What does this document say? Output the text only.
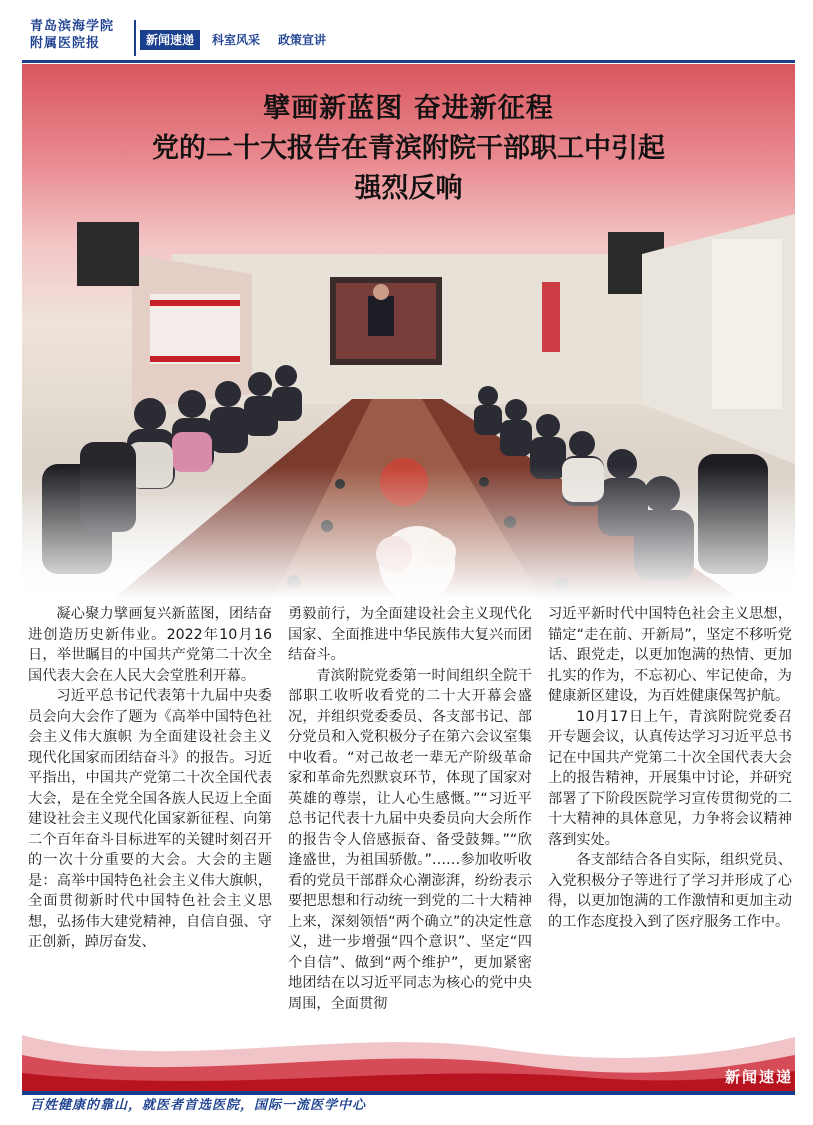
青岛滨海学院
附属医院报	新闻速递	科室风采	政策宣讲
擘画新蓝图 奋进新征程
党的二十大报告在青滨附院干部职工中引起
强烈反响

凝心聚力擘画复兴新蓝图，团结奋进创造历史新伟业。2022年10月16日，举世瞩目的中国共产党第二十次全国代表大会在人民大会堂胜利开幕。

习近平总书记代表第十九届中央委员会向大会作了题为《高举中国特色社会主义伟大旗帜 为全面建设社会主义现代化国家而团结奋斗》的报告。习近平指出，中国共产党第二十次全国代表大会，是在全党全国各族人民迈上全面建设社会主义现代化国家新征程、向第二个百年奋斗目标进军的关键时刻召开的一次十分重要的大会。大会的主题是：高举中国特色社会主义伟大旗帜，全面贯彻新时代中国特色社会主义思想，弘扬伟大建党精神，自信自强、守正创新，踔厉奋发、

勇毅前行，为全面建设社会主义现代化国家、全面推进中华民族伟大复兴而团结奋斗。

青滨附院党委第一时间组织全院干部职工收听收看党的二十大开幕会盛况，并组织党委委员、各支部书记、部分党员和入党积极分子在第六会议室集中收看。“对己故老一辈无产阶级革命家和革命先烈默哀环节，体现了国家对英雄的尊崇，让人心生感慨。”“习近平总书记代表十九届中央委员向大会所作的报告令人倍感振奋、备受鼓舞。”“欣逢盛世，为祖国骄傲。”……参加收听收看的党员干部群众心潮澎湃，纷纷表示要把思想和行动统一到党的二十大精神上来，深刻领悟“两个确立”的决定性意义，进一步增强“四个意识”、坚定“四个自信”、做到“两个维护”，更加紧密地团结在以习近平同志为核心的党中央周围，全面贯彻

习近平新时代中国特色社会主义思想，锚定“走在前、开新局”，坚定不移听党话、跟党走，以更加饱满的热情、更加扎实的作为，不忘初心、牢记使命，为健康新区建设，为百姓健康保驾护航。

10月17日上午，青滨附院党委召开专题会议，认真传达学习习近平总书记在中国共产党第二十次全国代表大会上的报告精神，开展集中讨论，并研究部署了下阶段医院学习宣传贯彻党的二十大精神的具体意见，力争将会议精神落到实处。

各支部结合各自实际，组织党员、入党积极分子等进行了学习并形成了心得，以更加饱满的工作激情和更加主动的工作态度投入到了医疗服务工作中。

新闻速递
百姓健康的靠山，就医者首选医院，国际一流医学中心
